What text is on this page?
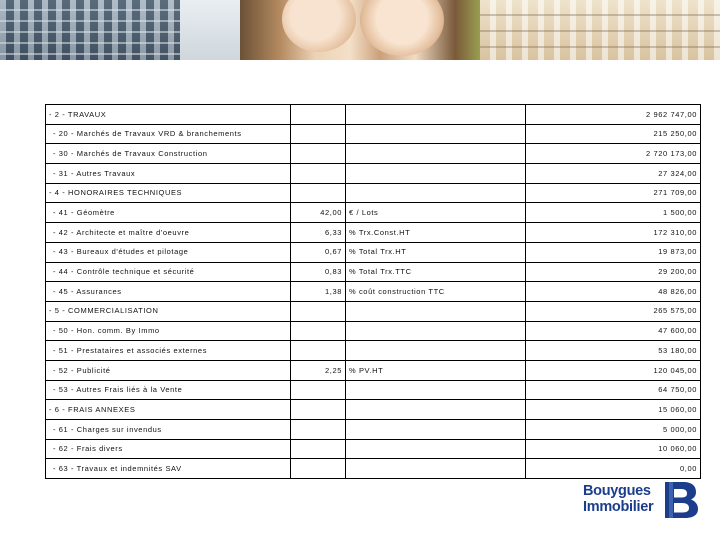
- 2 - TRAVAUX			2 962 747,00
- 20 - Marchés de Travaux VRD & branchements			215 250,00
- 30 - Marchés de Travaux Construction			2 720 173,00
- 31 - Autres Travaux			27 324,00
- 4 - HONORAIRES TECHNIQUES			271 709,00
- 41 - Géomètre	42,00	€ / Lots	1 500,00
- 42 - Architecte et maître d'oeuvre	6,33	% Trx.Const.HT	172 310,00
- 43 - Bureaux d'études et pilotage	0,67	% Total Trx.HT	19 873,00
- 44 - Contrôle technique et sécurité	0,83	% Total Trx.TTC	29 200,00
- 45 - Assurances	1,38	% coût construction TTC	48 826,00
- 5 - COMMERCIALISATION			265 575,00
- 50 - Hon. comm. By Immo			47 600,00
- 51 - Prestataires et associés externes			53 180,00
- 52 - Publicité	2,25	% PV.HT	120 045,00
- 53 - Autres Frais liés à la Vente			64 750,00
- 6 - FRAIS ANNEXES			15 060,00
- 61 - Charges sur invendus			5 000,00
- 62 - Frais divers			10 060,00
- 63 - Travaux et indemnités SAV			0,00
Bouygues
Immobilier
